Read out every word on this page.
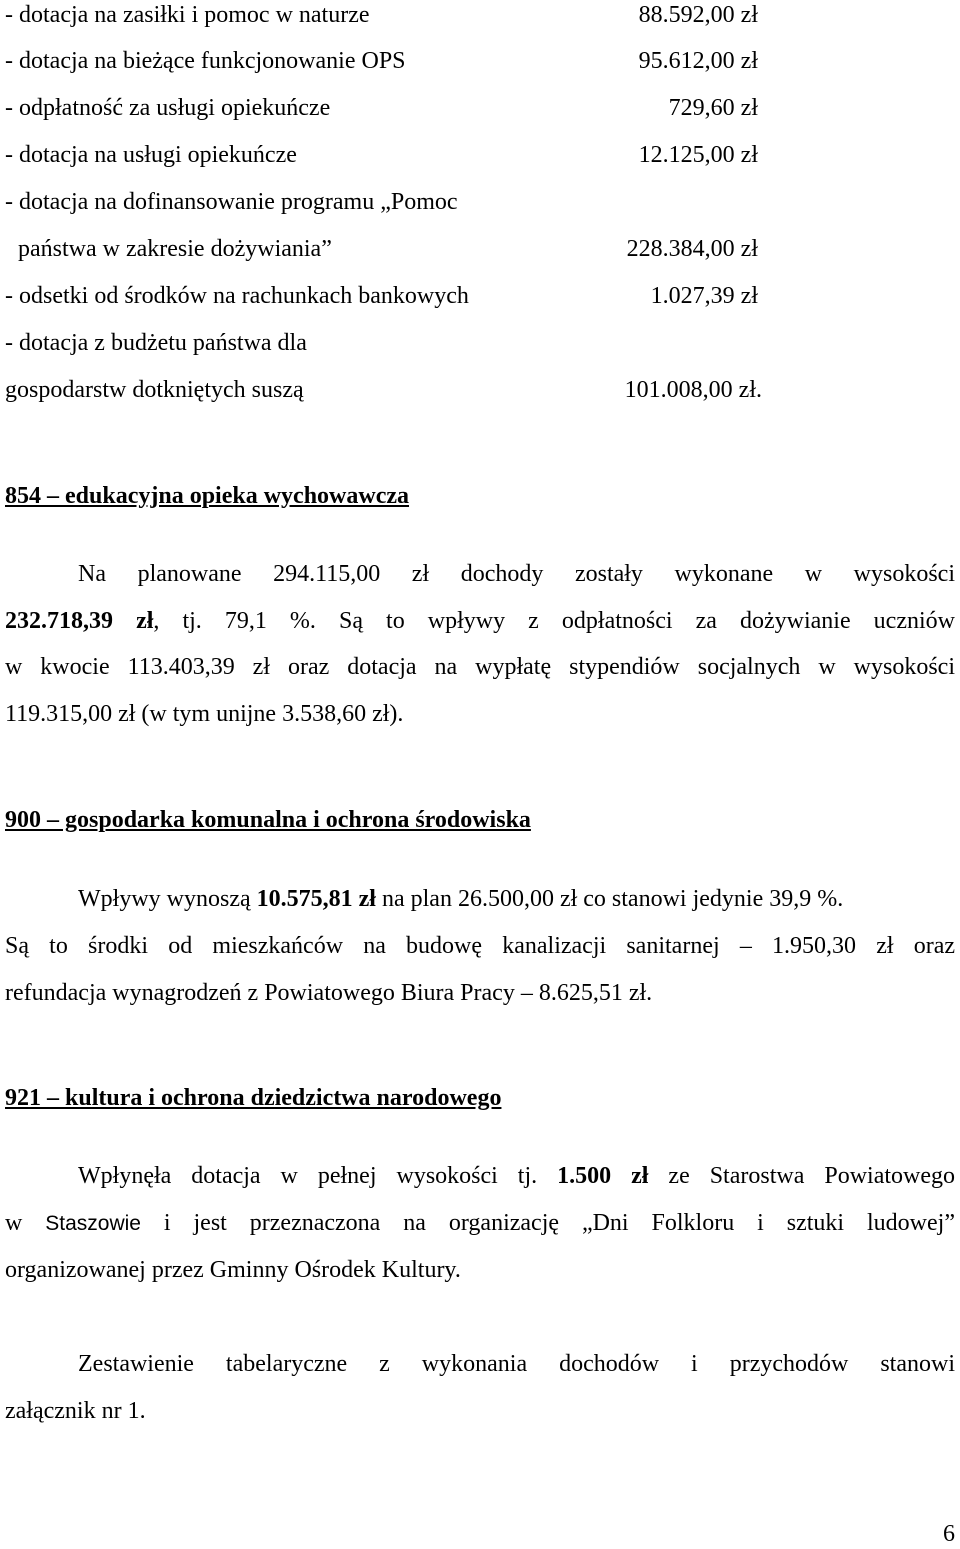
- dotacja na zasiłki i pomoc w naturze	88.592,00 zł
- dotacja na bieżące funkcjonowanie OPS	95.612,00 zł
- odpłatność za usługi opiekuńcze	729,60 zł
- dotacja na usługi opiekuńcze	12.125,00 zł
- dotacja na dofinansowanie programu „Pomoc
państwa w zakresie dożywiania”	228.384,00 zł
- odsetki od środków na rachunkach bankowych	1.027,39 zł
- dotacja z budżetu państwa dla
gospodarstw dotkniętych suszą	101.008,00 zł.
854 – edukacyjna opieka wychowawcza
Na planowane 294.115,00 zł dochody zostały wykonane w wysokości
232.718,39 zł, tj. 79,1 %. Są to wpływy z odpłatności za dożywianie uczniów
w kwocie 113.403,39 zł oraz dotacja na wypłatę stypendiów socjalnych w wysokości
119.315,00 zł (w tym unijne 3.538,60 zł).
900 – gospodarka komunalna i ochrona środowiska
Wpływy wynoszą 10.575,81 zł na plan 26.500,00 zł co stanowi jedynie 39,9 %.
Są to środki od mieszkańców na budowę kanalizacji sanitarnej – 1.950,30 zł oraz
refundacja wynagrodzeń z Powiatowego Biura Pracy – 8.625,51 zł.
921 – kultura i ochrona dziedzictwa narodowego
Wpłynęła dotacja w pełnej wysokości tj. 1.500 zł ze Starostwa Powiatowego
w Staszowie i jest przeznaczona na organizację „Dni Folkloru i sztuki ludowej”
organizowanej przez Gminny Ośrodek Kultury.
Zestawienie tabelaryczne z wykonania dochodów i przychodów stanowi
załącznik nr 1.
6
